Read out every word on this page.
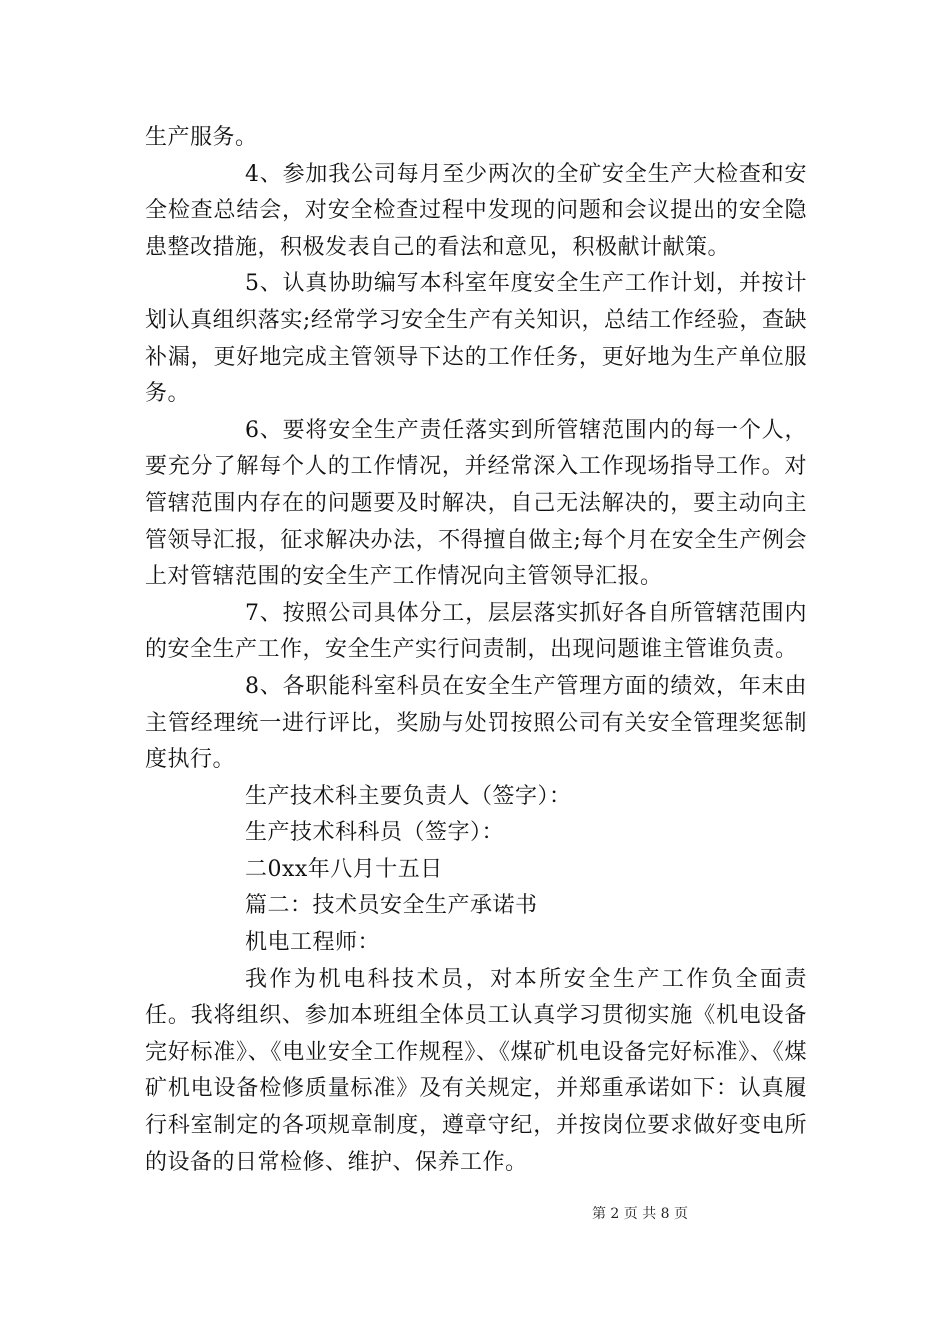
生产服务。

4、参加我公司每月至少两次的全矿安全生产大检查和安全检查总结会，对安全检查过程中发现的问题和会议提出的安全隐患整改措施，积极发表自己的看法和意见，积极献计献策。

5、认真协助编写本科室年度安全生产工作计划，并按计划认真组织落实;经常学习安全生产有关知识，总结工作经验，查缺补漏，更好地完成主管领导下达的工作任务，更好地为生产单位服务。

6、要将安全生产责任落实到所管辖范围内的每一个人，要充分了解每个人的工作情况，并经常深入工作现场指导工作。对管辖范围内存在的问题要及时解决，自己无法解决的，要主动向主管领导汇报，征求解决办法，不得擅自做主;每个月在安全生产例会上对管辖范围的安全生产工作情况向主管领导汇报。

7、按照公司具体分工，层层落实抓好各自所管辖范围内的安全生产工作，安全生产实行问责制，出现问题谁主管谁负责。

8、各职能科室科员在安全生产管理方面的绩效，年末由主管经理统一进行评比，奖励与处罚按照公司有关安全管理奖惩制度执行。

生产技术科主要负责人（签字）：

生产技术科科员（签字）：

二0xx年八月十五日

篇二：技术员安全生产承诺书

机电工程师：

我作为机电科技术员，对本所安全生产工作负全面责任。我将组织、参加本班组全体员工认真学习贯彻实施《机电设备完好标准》、《电业安全工作规程》、《煤矿机电设备完好标准》、《煤矿机电设备检修质量标准》及有关规定，并郑重承诺如下：认真履行科室制定的各项规章制度，遵章守纪，并按岗位要求做好变电所的设备的日常检修、维护、保养工作。

第 2 页 共 8 页
